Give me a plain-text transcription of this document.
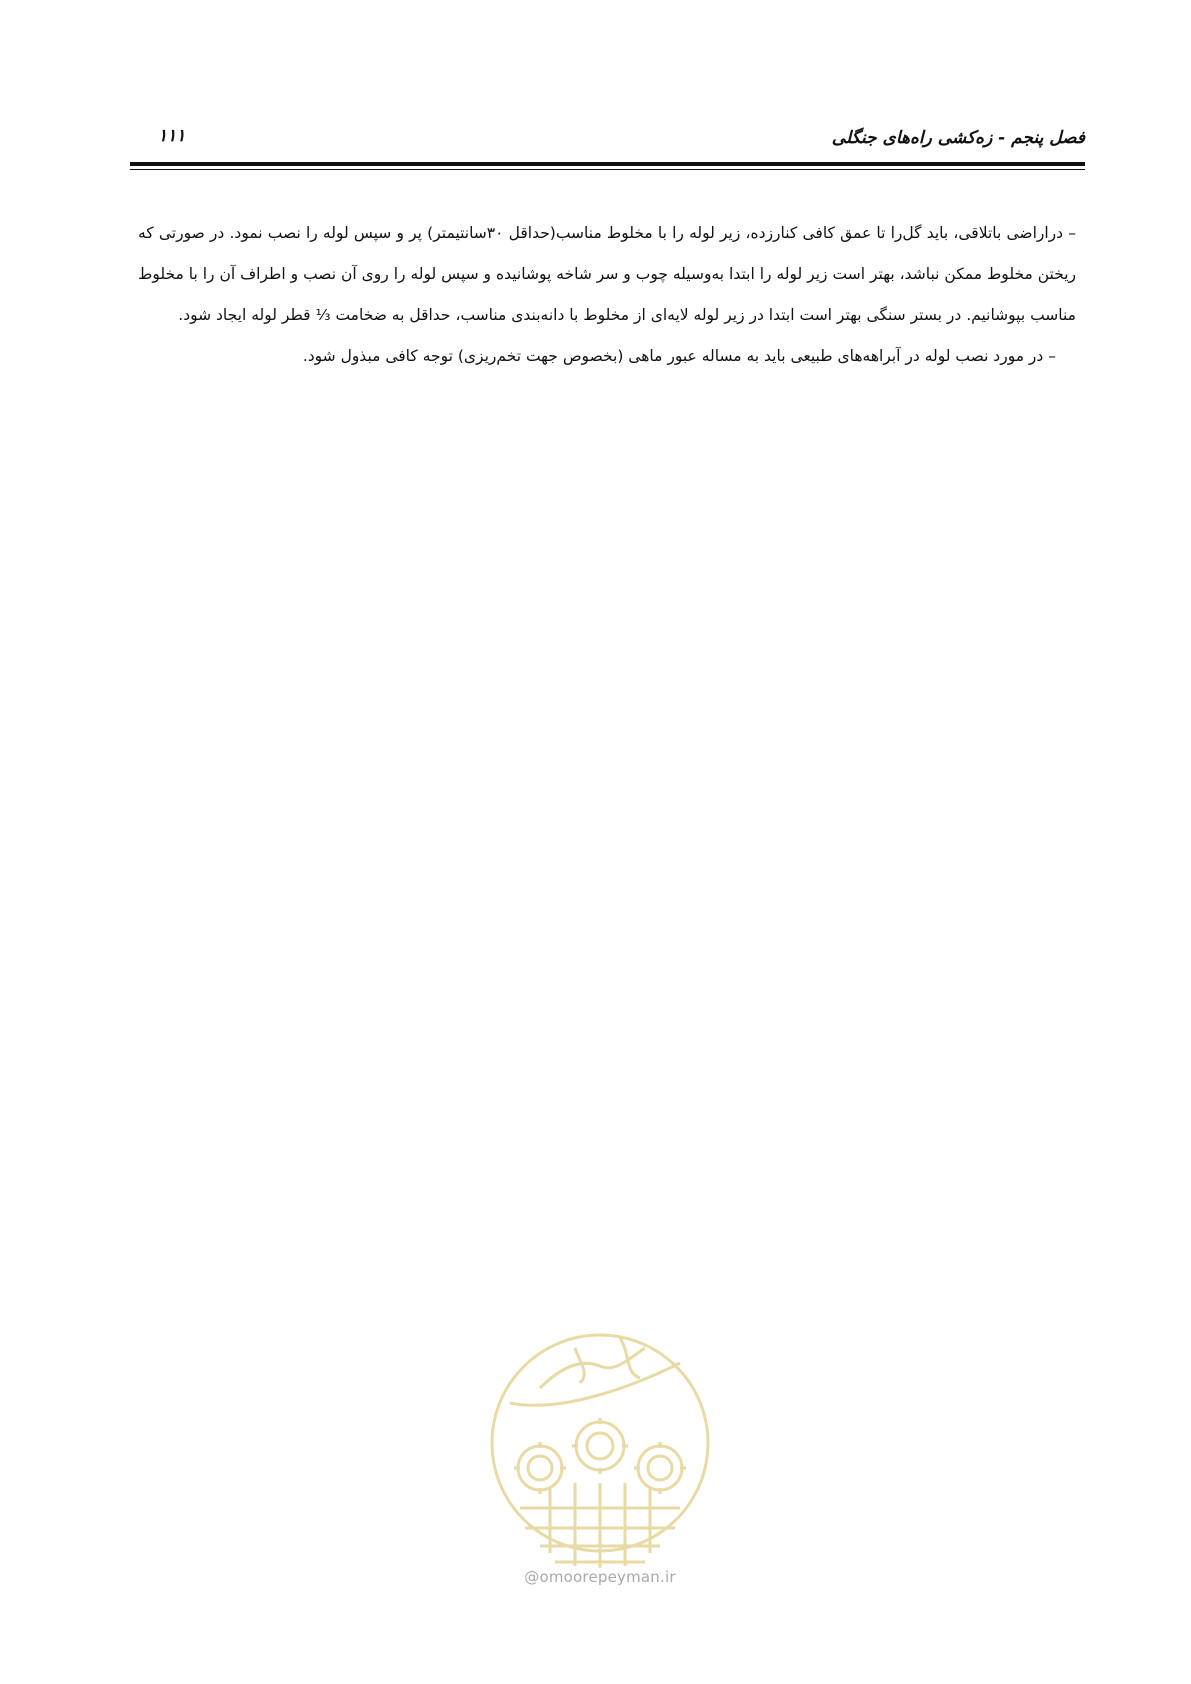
فصل پنجم - زه‌کشی راه‌های جنگلی
۱۱۱

– دراراضی باتلاقی، باید گل‌را تا عمق کافی کنارزده، زیر لوله را با مخلوط مناسب(حداقل ۳۰سانتیمتر) پر و سپس لوله را نصب نمود. در صورتی که ریختن مخلوط ممکن نباشد، بهتر است زیر لوله را ابتدا به‌وسیله چوب و سر شاخه پوشانیده و سپس لوله را روی آن نصب و اطراف آن را با مخلوط مناسب بپوشانیم. در بستر سنگی بهتر است ابتدا در زیر لوله لایه‌ای از مخلوط با دانه‌بندی مناسب، حداقل به ضخامت ⅓ قطر لوله ایجاد شود.

– در مورد نصب لوله در آبراهه‌های طبیعی باید به مساله عبور ماهی (بخصوص جهت تخم‌ریزی) توجه کافی مبذول شود.

@omoorepeyman.ir
